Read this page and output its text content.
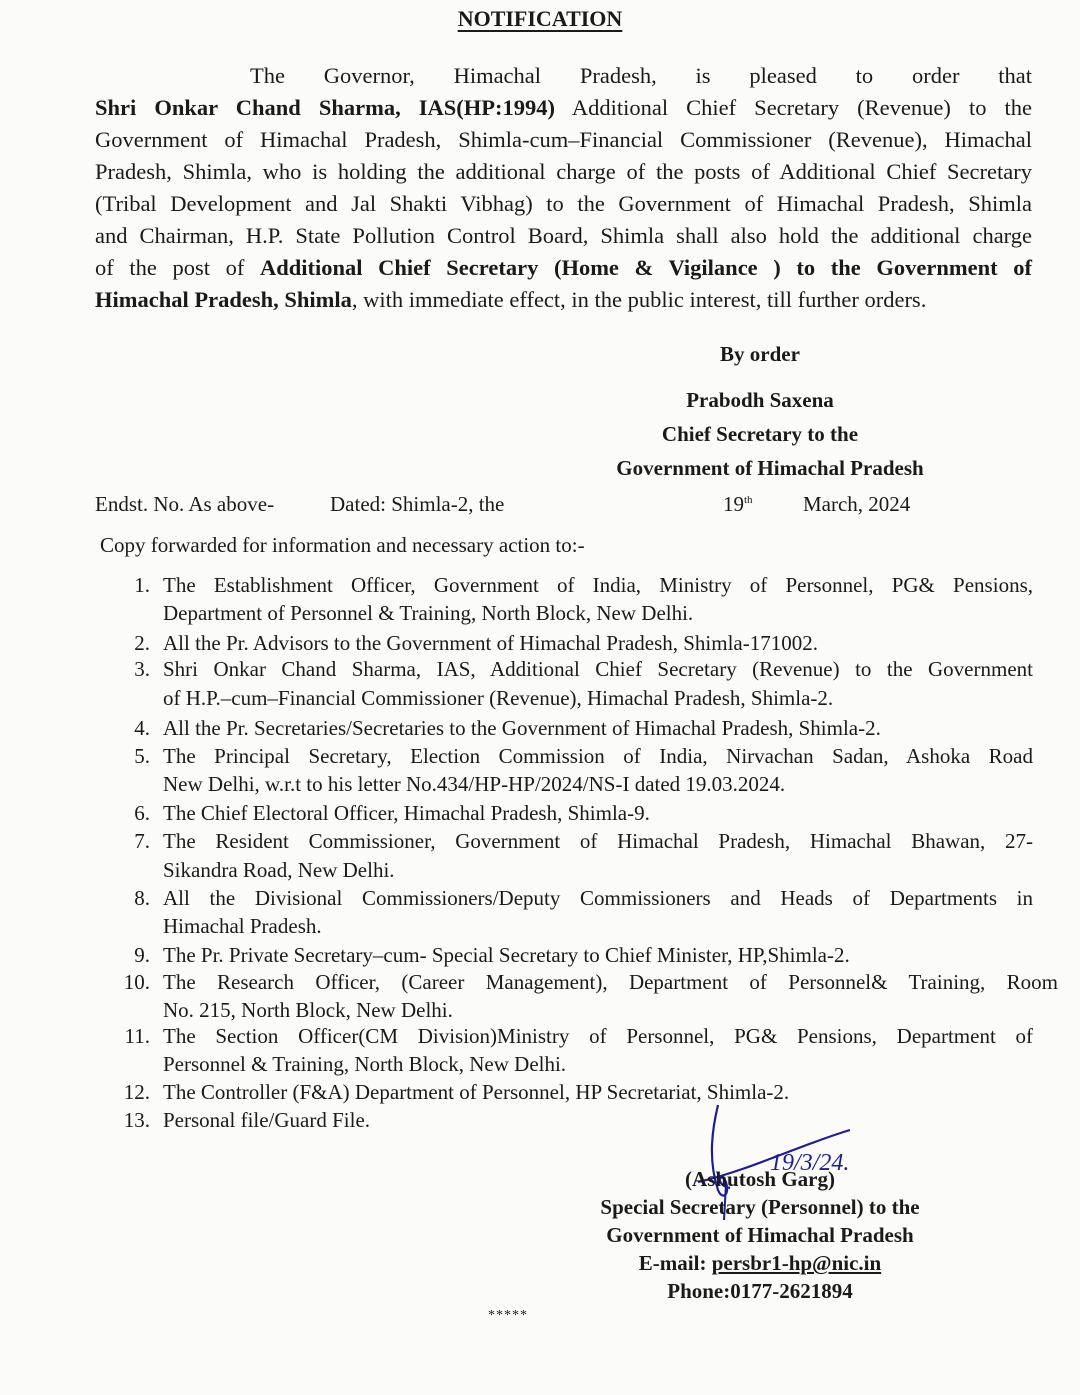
NOTIFICATION
The Governor, Himachal Pradesh, is pleased to order that
Shri Onkar Chand Sharma, IAS(HP:1994) Additional Chief Secretary (Revenue) to the
Government of Himachal Pradesh, Shimla-cum–Financial Commissioner (Revenue), Himachal
Pradesh, Shimla, who is holding the additional charge of the posts of Additional Chief Secretary
(Tribal Development and Jal Shakti Vibhag) to the Government of Himachal Pradesh, Shimla
and Chairman, H.P. State Pollution Control Board, Shimla shall also hold the additional charge
of the post of Additional Chief Secretary (Home & Vigilance ) to the Government of
Himachal Pradesh, Shimla, with immediate effect, in the public interest, till further orders.
By order
Prabodh Saxena
Chief Secretary to the
Government of Himachal Pradesh
Endst. No. As above-	Dated: Shimla-2, the	19th March, 2024
Copy forwarded for information and necessary action to:-
1. The Establishment Officer, Government of India, Ministry of Personnel, PG& Pensions,
Department of Personnel & Training, North Block, New Delhi.
2. All the Pr. Advisors to the Government of Himachal Pradesh, Shimla-171002.
3. Shri Onkar Chand Sharma, IAS, Additional Chief Secretary (Revenue) to the Government
of H.P.–cum–Financial Commissioner (Revenue), Himachal Pradesh, Shimla-2.
4. All the Pr. Secretaries/Secretaries to the Government of Himachal Pradesh, Shimla-2.
5. The Principal Secretary, Election Commission of India, Nirvachan Sadan, Ashoka Road
New Delhi, w.r.t to his letter No.434/HP-HP/2024/NS-I dated 19.03.2024.
6. The Chief Electoral Officer, Himachal Pradesh, Shimla-9.
7. The Resident Commissioner, Government of Himachal Pradesh, Himachal Bhawan, 27-
Sikandra Road, New Delhi.
8. All the Divisional Commissioners/Deputy Commissioners and Heads of Departments in
Himachal Pradesh.
9. The Pr. Private Secretary–cum- Special Secretary to Chief Minister, HP,Shimla-2.
10. The Research Officer, (Career Management), Department of Personnel& Training, Room
No. 215, North Block, New Delhi.
11. The Section Officer(CM Division)Ministry of Personnel, PG& Pensions, Department of
Personnel & Training, North Block, New Delhi.
12. The Controller (F&A) Department of Personnel, HP Secretariat, Shimla-2.
13. Personal file/Guard File.
19/3/24.
(Ashutosh Garg)
Special Secretary (Personnel) to the
Government of Himachal Pradesh
E-mail: persbr1-hp@nic.in
Phone:0177-2621894
*****
